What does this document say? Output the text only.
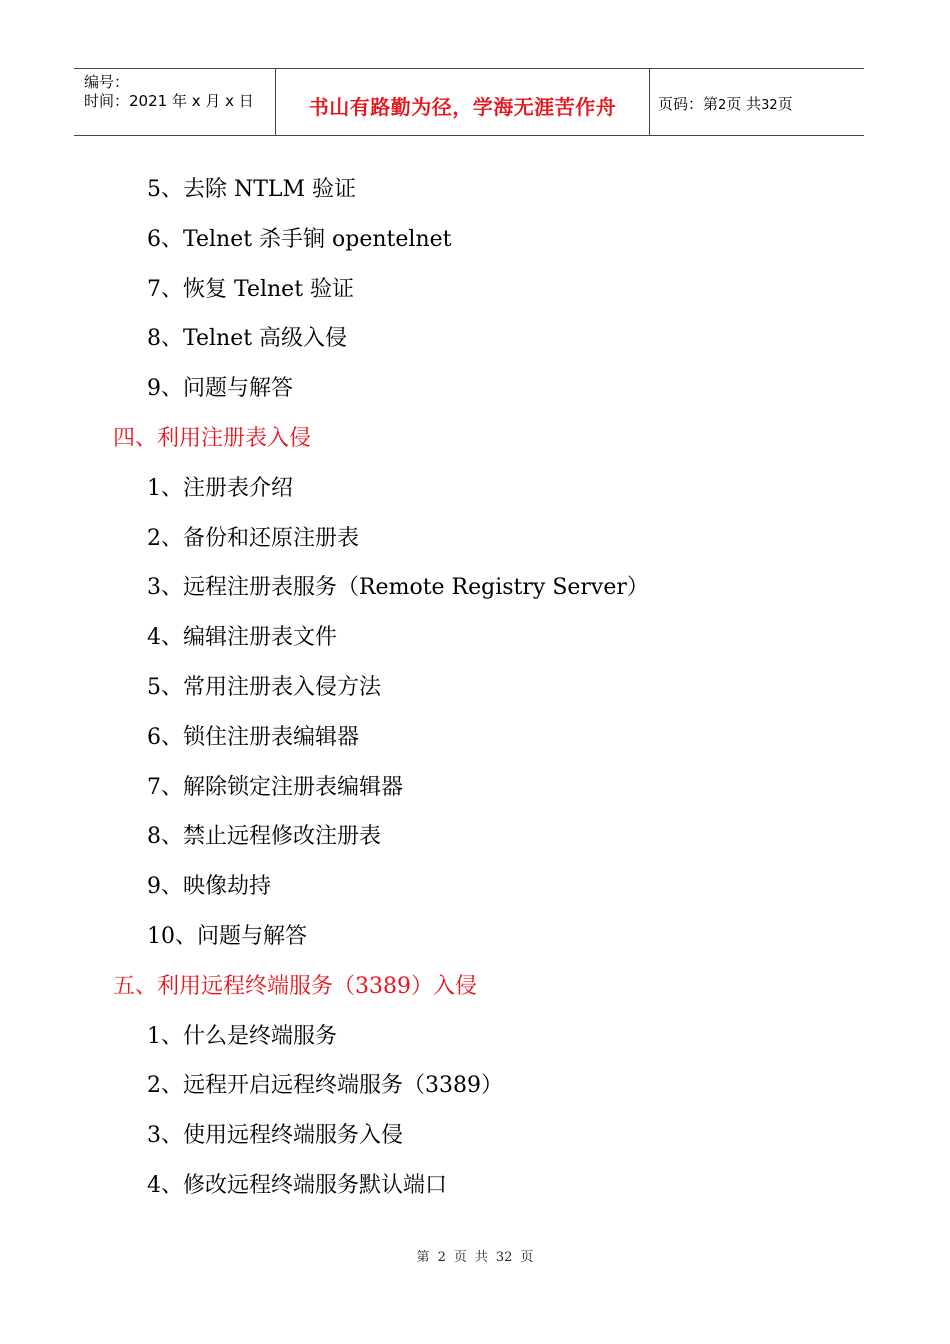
编号：
时间：2021 年 x 月 x 日	书山有路勤为径，学海无涯苦作舟	页码：第2页 共32页
5、去除 NTLM 验证
6、Telnet 杀手锏 opentelnet
7、恢复 Telnet 验证
8、Telnet 高级入侵
9、问题与解答
四、利用注册表入侵
1、注册表介绍
2、备份和还原注册表
3、远程注册表服务（Remote Registry Server）
4、编辑注册表文件
5、常用注册表入侵方法
6、锁住注册表编辑器
7、解除锁定注册表编辑器
8、禁止远程修改注册表
9、映像劫持
10、问题与解答
五、利用远程终端服务（3389）入侵
1、什么是终端服务
2、远程开启远程终端服务（3389）
3、使用远程终端服务入侵
4、修改远程终端服务默认端口
第 2 页 共 32 页
